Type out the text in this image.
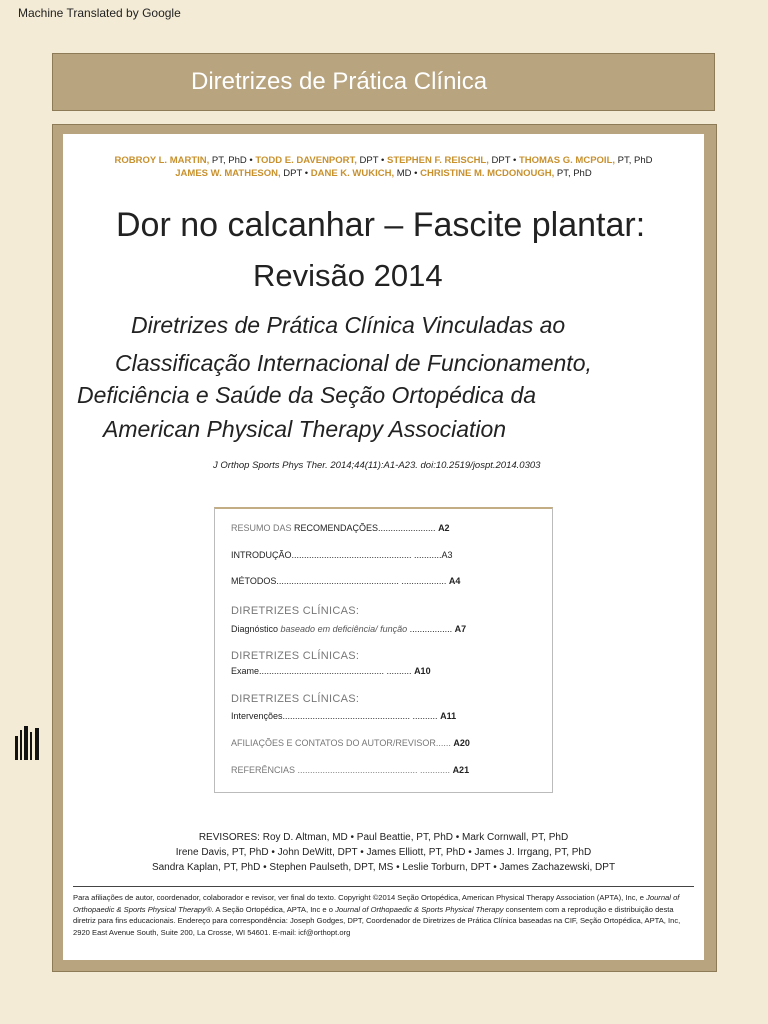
Machine Translated by Google
Diretrizes de Prática Clínica
ROBROY L. MARTIN, PT, PhD • TODD E. DAVENPORT, DPT • STEPHEN F. REISCHL, DPT • THOMAS G. MCPOIL, PT, PhD
JAMES W. MATHESON, DPT • DANE K. WUKICH, MD • CHRISTINE M. MCDONOUGH, PT, PhD
Dor no calcanhar – Fascite plantar:
Revisão 2014
Diretrizes de Prática Clínica Vinculadas ao
Classificação Internacional de Funcionamento,
Deficiência e Saúde da Seção Ortopédica da
American Physical Therapy Association
J Orthop Sports Phys Ther. 2014;44(11):A1-A23. doi:10.2519/jospt.2014.0303
RESUMO DAS RECOMENDAÇÕES....................... A2
INTRODUÇÃO................................................ ...........A3
MÉTODOS................................................. .................. A4
DIRETRIZES CLÍNICAS:
Diagnóstico baseado em deficiência/ função ................. A7
DIRETRIZES CLÍNICAS:
Exame.................................................. .......... A10
DIRETRIZES CLÍNICAS:
Intervenções................................................... .......... A11
AFILIAÇÕES E CONTATOS DO AUTOR/REVISOR...... A20
REFERÊNCIAS ................................................ ............ A21
REVISORES: Roy D. Altman, MD • Paul Beattie, PT, PhD • Mark Cornwall, PT, PhD
Irene Davis, PT, PhD • John DeWitt, DPT • James Elliott, PT, PhD • James J. Irrgang, PT, PhD
Sandra Kaplan, PT, PhD • Stephen Paulseth, DPT, MS • Leslie Torburn, DPT • James Zachazewski, DPT
Para afiliações de autor, coordenador, colaborador e revisor, ver final do texto. Copyright ©2014 Seção Ortopédica, American Physical Therapy Association (APTA), Inc, e Journal of Orthopaedic & Sports Physical Therapy®. A Seção Ortopédica, APTA, Inc e o Journal of Orthopaedic & Sports Physical Therapy consentem com a reprodução e distribuição desta diretriz para fins educacionais. Endereço para correspondência: Joseph Godges, DPT, Coordenador de Diretrizes de Prática Clínica baseadas na CIF, Seção Ortopédica, APTA, Inc, 2920 East Avenue South, Suite 200, La Crosse, WI 54601. E-mail: icf@orthopt.org
